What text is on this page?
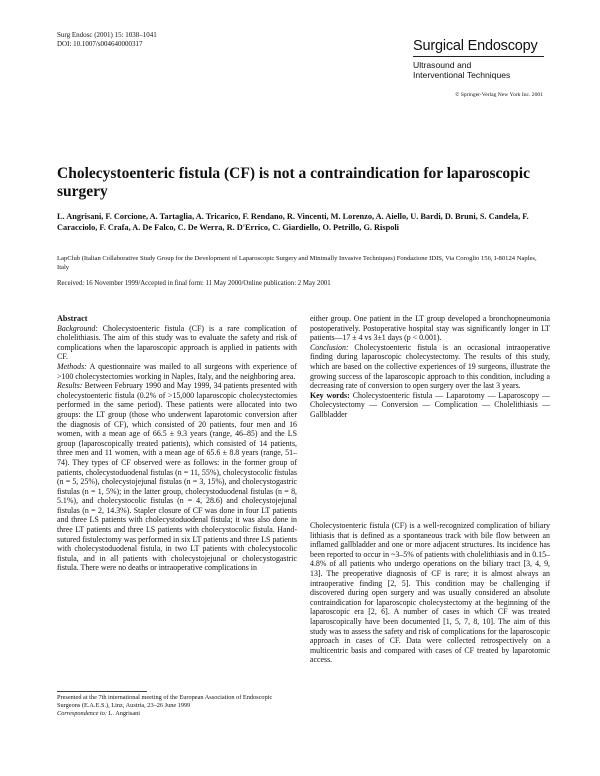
Surg Endosc (2001) 15: 1038–1041
DOI: 10.1007/s004640000317	Surgical Endoscopy
Ultrasound and
Interventional Techniques
© Springer-Verlag New York Inc. 2001
Cholecystoenteric fistula (CF) is not a contraindication for laparoscopic surgery
L. Angrisani, F. Corcione, A. Tartaglia, A. Tricarico, F. Rendano, R. Vincenti, M. Lorenzo, A. Aiello, U. Bardi, D. Bruni, S. Candela, F. Caracciolo, F. Crafa, A. De Falco, C. De Werra, R. D'Errico, C. Giardiello, O. Petrillo, G. Rispoli
LapClub (Italian Collaborative Study Group for the Development of Laparoscopic Surgery and Minimally Invasive Techniques) Fondazione IDIS, Via Coroglio 156, I-80124 Naples, Italy
Received: 16 November 1999/Accepted in final form: 11 May 2000/Online publication: 2 May 2001
Abstract

Background: Cholecystoenteric fistula (CF) is a rare complication of cholelithiasis. The aim of this study was to evaluate the safety and risk of complications when the laparoscopic approach is applied in patients with CF.

Methods: A questionnaire was mailed to all surgeons with experience of >100 cholecystectomies working in Naples, Italy, and the neighboring area.

Results: Between February 1990 and May 1999, 34 patients presented with cholecystoenteric fistula (0.2% of >15,000 laparoscopic cholecystectomies performed in the same period). These patients were allocated into two groups: the LT group (those who underwent laparotomic conversion after the diagnosis of CF), which consisted of 20 patients, four men and 16 women, with a mean age of 66.5 ± 9.3 years (range, 46–85) and the LS group (laparoscopically treated patients), which consisted of 14 patients, three men and 11 women, with a mean age of 65.6 ± 8.8 years (range, 51–74). They types of CF observed were as follows: in the former group of patients, cholecystoduodenal fistulas (n = 11, 55%), cholecystocolic fistulas (n = 5, 25%), cholecystojejunal fistulas (n = 3, 15%), and cholecystogastric fistulas (n = 1, 5%); in the latter group, cholecystoduodenal fistulas (n = 8, 5.1%), and cholecystocolic fistulas (n = 4, 28.6) and cholecystojejunal fistulas (n = 2, 14.3%). Stapler closure of CF was done in four LT patients and three LS patients with cholecystoduodenal fistula; it was also done in three LT patients and three LS patients with cholecystocolic fistula. Hand-sutured fistulectomy was performed in six LT patients and three LS patients with cholecystoduodenal fistula, in two LT patients with cholecystocolic fistula, and in all patients with cholecystojejunal or cholecystogastric fistula. There were no deaths or intraoperative complications in

either group. One patient in the LT group developed a bronchopneumonia postoperatively. Postoperative hospital stay was significantly longer in LT patients—17 ± 4 vs 3±1 days (p < 0.001).

Conclusion: Cholecystoenteric fistula is an occasional intraoperative finding during laparoscopic cholecystectomy. The results of this study, which are based on the collective experiences of 19 surgeons, illustrate the growing success of the laparoscopic approach to this condition, including a decreasing rate of conversion to open surgery over the last 3 years.

Key words: Cholecystoenteric fistula — Laparotomy — Laparoscopy — Cholecystectomy — Conversion — Complication — Cholelithiasis — Gallbladder

Cholecystoenteric fistula (CF) is a well-recognized complication of biliary lithiasis that is defined as a spontaneous track with bile flow between an inflamed gallbladder and one or more adjacent structures. Its incidence has been reported to occur in ~3–5% of patients with cholelithiasis and in 0.15–4.8% of all patients who undergo operations on the biliary tract [3, 4, 9, 13]. The preoperative diagnosis of CF is rare; it is almost always an intraoperative finding [2, 5]. This condition may be challenging if discovered during open surgery and was usually considered an absolute contraindication for laparoscopic cholecystectomy at the beginning of the laparoscopic era [2, 6]. A number of cases in which CF was treated laparoscopically have been documented [1, 5, 7, 8, 10]. The aim of this study was to assess the safety and risk of complications for the laparoscopic approach in cases of CF. Data were collected retrospectively on a multicentric basis and compared with cases of CF treated by laparotomic access.

Presented at the 7th international meeting of the European Association of Endoscopic Surgeons (E.A.E.S.), Linz, Austria, 23–26 June 1999
Correspondence to: L. Angrisani
